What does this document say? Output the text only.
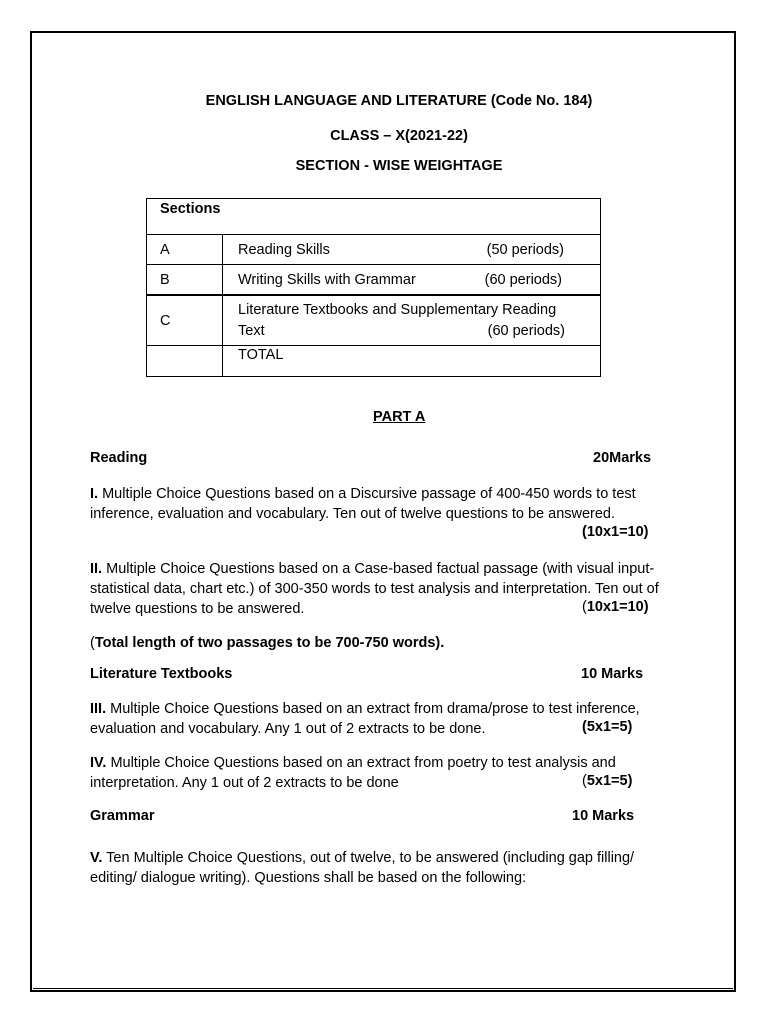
ENGLISH LANGUAGE AND LITERATURE (Code No. 184)
CLASS – X(2021-22)
SECTION - WISE WEIGHTAGE
Sections	
A	Reading Skills (50 periods)

B	Writing Skills with Grammar (60 periods)

C	Literature Textbooks and Supplementary Reading
Text (60 periods)

	TOTAL
PART A
Reading	20Marks
I. Multiple Choice Questions based on a Discursive passage of 400-450 words to test
inference, evaluation and vocabulary. Ten out of twelve questions to be answered.
(10x1=10)
II. Multiple Choice Questions based on a Case-based factual passage (with visual input-
statistical data, chart etc.) of 300-350 words to test analysis and interpretation. Ten out of
twelve questions to be answered.	(10x1=10)
(Total length of two passages to be 700-750 words).
Literature Textbooks	10 Marks
III. Multiple Choice Questions based on an extract from drama/prose to test inference,
evaluation and vocabulary. Any 1 out of 2 extracts to be done.	(5x1=5)
IV. Multiple Choice Questions based on an extract from poetry to test analysis and
interpretation. Any 1 out of 2 extracts to be done	(5x1=5)
Grammar	10 Marks
V. Ten Multiple Choice Questions, out of twelve, to be answered (including gap filling/
editing/ dialogue writing). Questions shall be based on the following:
